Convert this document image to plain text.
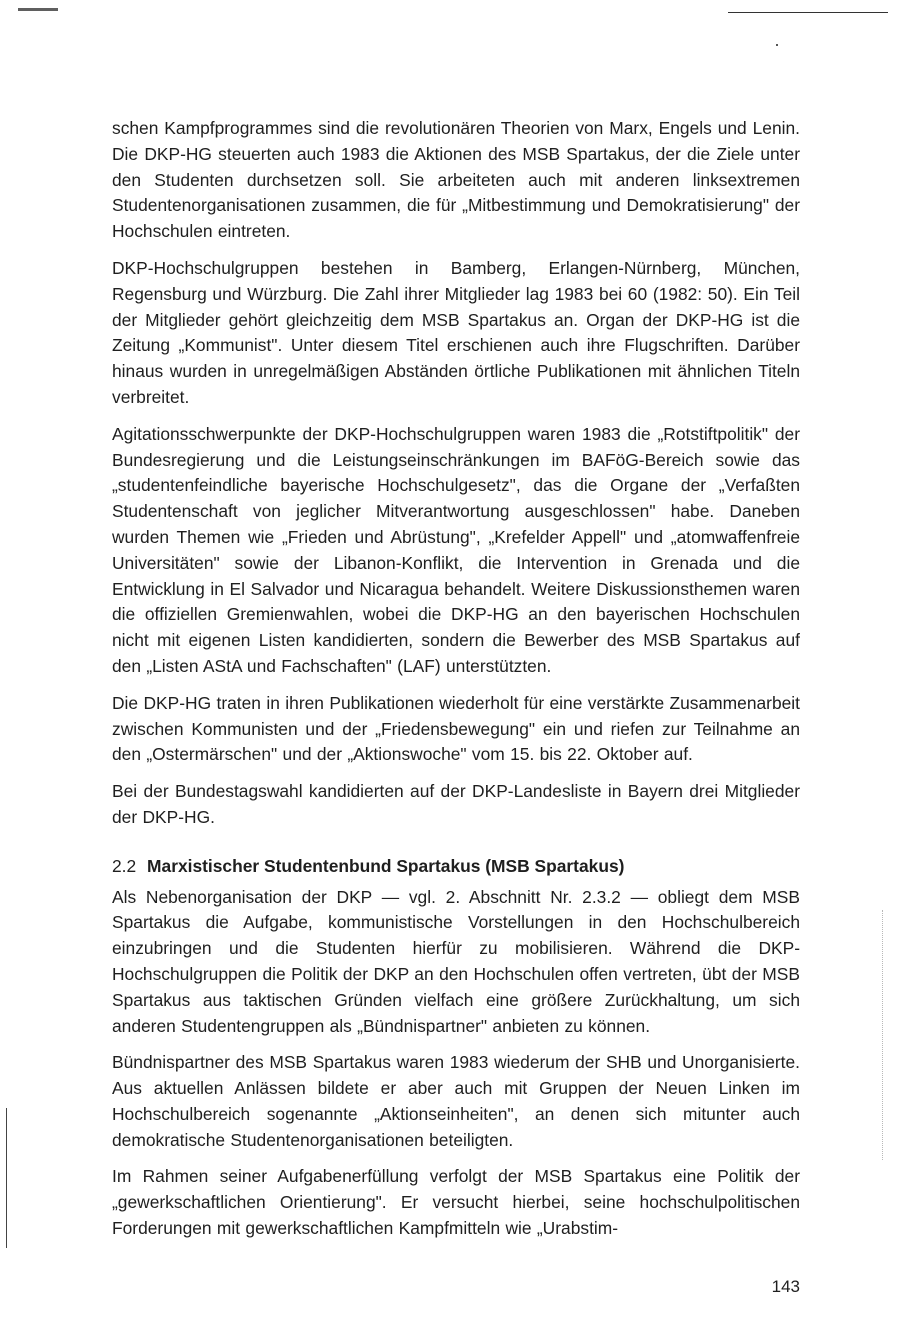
schen Kampfprogrammes sind die revolutionären Theorien von Marx, Engels und Lenin. Die DKP-HG steuerten auch 1983 die Aktionen des MSB Spartakus, der die Ziele unter den Studenten durchsetzen soll. Sie arbeiteten auch mit anderen linksextremen Studentenorganisationen zusammen, die für „Mitbestimmung und Demokratisierung" der Hochschulen eintreten.

DKP-Hochschulgruppen bestehen in Bamberg, Erlangen-Nürnberg, München, Regensburg und Würzburg. Die Zahl ihrer Mitglieder lag 1983 bei 60 (1982: 50). Ein Teil der Mitglieder gehört gleichzeitig dem MSB Spartakus an. Organ der DKP-HG ist die Zeitung „Kommunist". Unter diesem Titel erschienen auch ihre Flugschriften. Darüber hinaus wurden in unregelmäßigen Abständen örtliche Publikationen mit ähnlichen Titeln verbreitet.

Agitationsschwerpunkte der DKP-Hochschulgruppen waren 1983 die „Rotstiftpolitik" der Bundesregierung und die Leistungseinschränkungen im BAFöG-Bereich sowie das „studentenfeindliche bayerische Hochschulgesetz", das die Organe der „Verfaßten Studentenschaft von jeglicher Mitverantwortung ausgeschlossen" habe. Daneben wurden Themen wie „Frieden und Abrüstung", „Krefelder Appell" und „atomwaffenfreie Universitäten" sowie der Libanon-Konflikt, die Intervention in Grenada und die Entwicklung in El Salvador und Nicaragua behandelt. Weitere Diskussionsthemen waren die offiziellen Gremienwahlen, wobei die DKP-HG an den bayerischen Hochschulen nicht mit eigenen Listen kandidierten, sondern die Bewerber des MSB Spartakus auf den „Listen AStA und Fachschaften" (LAF) unterstützten.

Die DKP-HG traten in ihren Publikationen wiederholt für eine verstärkte Zusammenarbeit zwischen Kommunisten und der „Friedensbewegung" ein und riefen zur Teilnahme an den „Ostermärschen" und der „Aktionswoche" vom 15. bis 22. Oktober auf.

Bei der Bundestagswahl kandidierten auf der DKP-Landesliste in Bayern drei Mitglieder der DKP-HG.

2.2 Marxistischer Studentenbund Spartakus (MSB Spartakus)

Als Nebenorganisation der DKP — vgl. 2. Abschnitt Nr. 2.3.2 — obliegt dem MSB Spartakus die Aufgabe, kommunistische Vorstellungen in den Hochschulbereich einzubringen und die Studenten hierfür zu mobilisieren. Während die DKP-Hochschulgruppen die Politik der DKP an den Hochschulen offen vertreten, übt der MSB Spartakus aus taktischen Gründen vielfach eine größere Zurückhaltung, um sich anderen Studentengruppen als „Bündnispartner" anbieten zu können.

Bündnispartner des MSB Spartakus waren 1983 wiederum der SHB und Unorganisierte. Aus aktuellen Anlässen bildete er aber auch mit Gruppen der Neuen Linken im Hochschulbereich sogenannte „Aktionseinheiten", an denen sich mitunter auch demokratische Studentenorganisationen beteiligten.

Im Rahmen seiner Aufgabenerfüllung verfolgt der MSB Spartakus eine Politik der „gewerkschaftlichen Orientierung". Er versucht hierbei, seine hochschulpolitischen Forderungen mit gewerkschaftlichen Kampfmitteln wie „Urabstim-

143
